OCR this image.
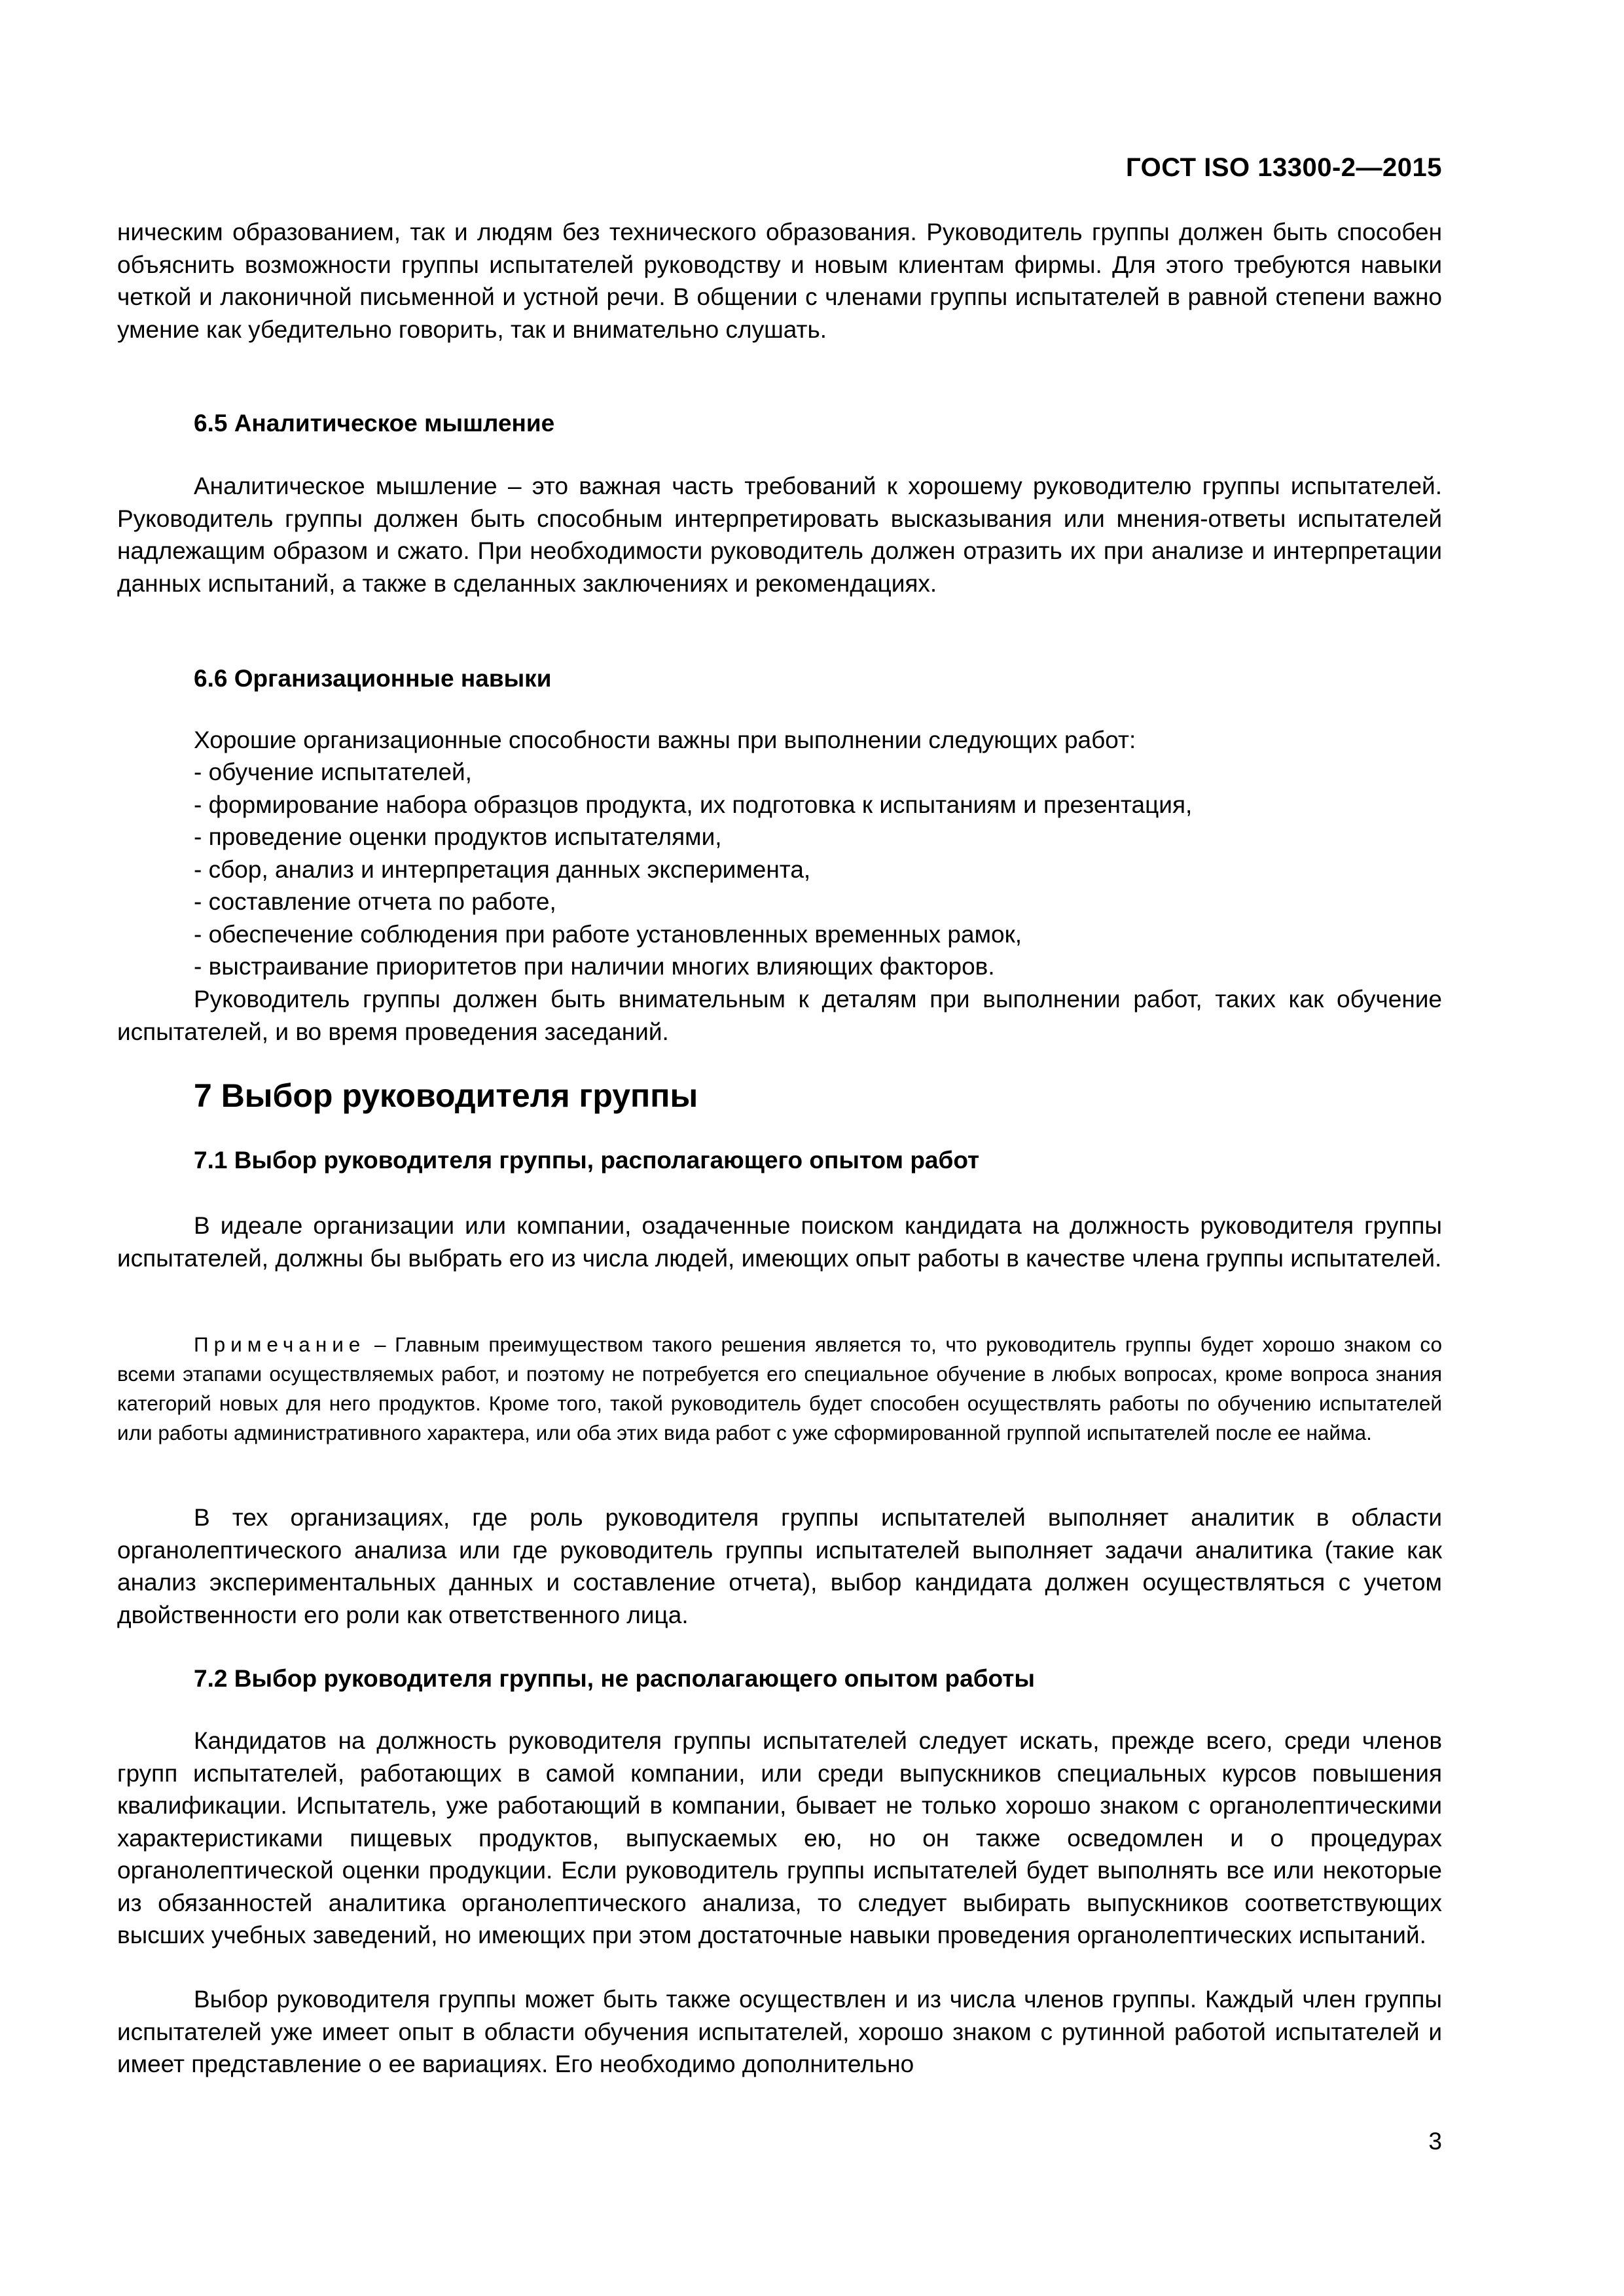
ГОСТ ISO 13300-2—2015

ническим образованием, так и людям без технического образования. Руководитель группы должен быть способен объяснить возможности группы испытателей руководству и новым клиентам фирмы. Для этого требуются навыки четкой и лаконичной письменной и устной речи. В общении с членами группы испытателей в равной степени важно умение как убедительно говорить, так и внимательно слушать.

6.5 Аналитическое мышление

Аналитическое мышление – это важная часть требований к хорошему руководителю группы испытателей. Руководитель группы должен быть способным интерпретировать высказывания или мнения-ответы испытателей надлежащим образом и сжато. При необходимости руководитель должен отразить их при анализе и интерпретации данных испытаний, а также в сделанных заключениях и рекомендациях.

6.6 Организационные навыки

Хорошие организационные способности важны при выполнении следующих работ:

- обучение испытателей,
- формирование набора образцов продукта, их подготовка к испытаниям и презентация,
- проведение оценки продуктов испытателями,
- сбор, анализ и интерпретация данных эксперимента,
- составление отчета по работе,
- обеспечение соблюдения при работе установленных временных рамок,
- выстраивание приоритетов при наличии многих влияющих факторов.

Руководитель группы должен быть внимательным к деталям при выполнении работ, таких как обучение испытателей, и во время проведения заседаний.

7 Выбор руководителя группы
7.1 Выбор руководителя группы, располагающего опытом работ

В идеале организации или компании, озадаченные поиском кандидата на должность руководителя группы испытателей, должны бы выбрать его из числа людей, имеющих опыт работы в качестве члена группы испытателей.

Примечание – Главным преимуществом такого решения является то, что руководитель группы будет хорошо знаком со всеми этапами осуществляемых работ, и поэтому не потребуется его специальное обучение в любых вопросах, кроме вопроса знания категорий новых для него продуктов. Кроме того, такой руководитель будет способен осуществлять работы по обучению испытателей или работы административного характера, или оба этих вида работ с уже сформированной группой испытателей после ее найма.

В тех организациях, где роль руководителя группы испытателей выполняет аналитик в области органолептического анализа или где руководитель группы испытателей выполняет задачи аналитика (такие как анализ экспериментальных данных и составление отчета), выбор кандидата должен осуществляться с учетом двойственности его роли как ответственного лица.

7.2 Выбор руководителя группы, не располагающего опытом работы

Кандидатов на должность руководителя группы испытателей следует искать, прежде всего, среди членов групп испытателей, работающих в самой компании, или среди выпускников специальных курсов повышения квалификации. Испытатель, уже работающий в компании, бывает не только хорошо знаком с органолептическими характеристиками пищевых продуктов, выпускаемых ею, но он также осведомлен и о процедурах органолептической оценки продукции. Если руководитель группы испытателей будет выполнять все или некоторые из обязанностей аналитика органолептического анализа, то следует выбирать выпускников соответствующих высших учебных заведений, но имеющих при этом достаточные навыки проведения органолептических испытаний.

Выбор руководителя группы может быть также осуществлен и из числа членов группы. Каждый член группы испытателей уже имеет опыт в области обучения испытателей, хорошо знаком с рутинной работой испытателей и имеет представление о ее вариациях. Его необходимо дополнительно

3
